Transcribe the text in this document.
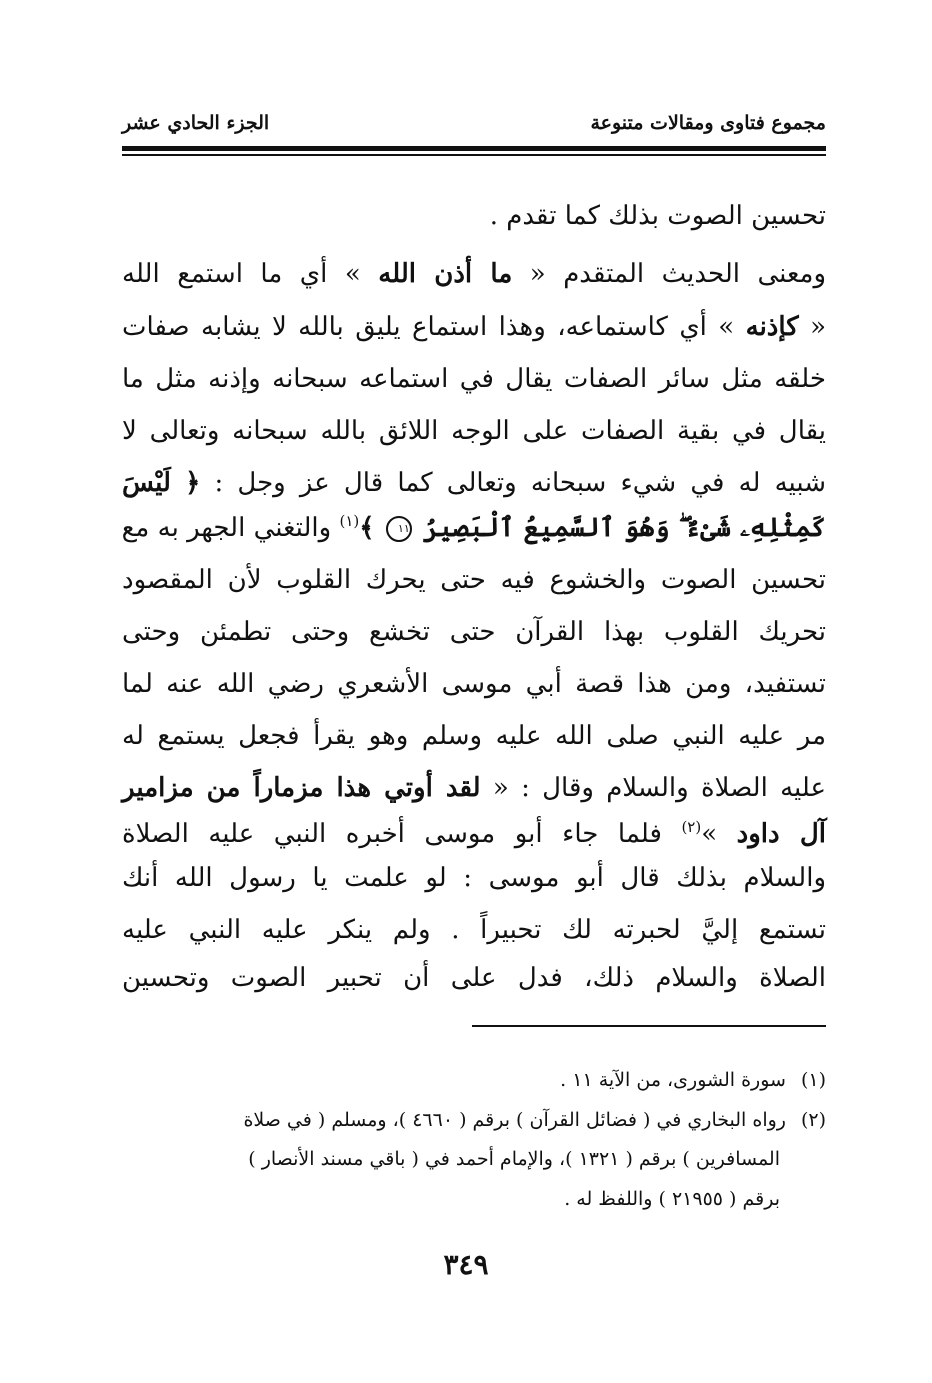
مجموع فتاوى ومقالات متنوعة
الجزء الحادي عشر
تحسين الصوت بذلك كما تقدم .
ومعنى الحديث المتقدم « ما أذن الله » أي ما استمع الله
« كإذنه » أي كاستماعه، وهذا استماع يليق بالله لا يشابه صفات
خلقه مثل سائر الصفات يقال في استماعه سبحانه وإذنه مثل ما
يقال في بقية الصفات على الوجه اللائق بالله سبحانه وتعالى لا
شبيه له في شيء سبحانه وتعالى كما قال عز وجل : ﴿ لَيْسَ
كَمِثْلِهِۦ شَىْءٌ ۖ وَهُوَ ٱلسَّمِيعُ ٱلْبَصِيرُ ١١ ﴾$^{(١)}$ والتغني الجهر به مع
تحسين الصوت والخشوع فيه حتى يحرك القلوب لأن المقصود
تحريك القلوب بهذا القرآن حتى تخشع وحتى تطمئن وحتى
تستفيد، ومن هذا قصة أبي موسى الأشعري رضي الله عنه لما
مر عليه النبي صلى الله عليه وسلم وهو يقرأ فجعل يستمع له
عليه الصلاة والسلام وقال : « لقد أوتي هذا مزماراً من مزامير
آل داود »$^{(٢)}$ فلما جاء أبو موسى أخبره النبي عليه الصلاة
والسلام بذلك قال أبو موسى : لو علمت يا رسول الله أنك
تستمع إليَّ لحبرته لك تحبيراً . ولم ينكر عليه النبي عليه
الصلاة والسلام ذلك، فدل على أن تحبير الصوت وتحسين
(١) سورة الشورى، من الآية ١١ .
(٢) رواه البخاري في ( فضائل القرآن ) برقم ( ٤٦٦٠ )، ومسلم ( في صلاة
المسافرين ) برقم ( ١٣٢١ )، والإمام أحمد في ( باقي مسند الأنصار )
برقم ( ٢١٩٥٥ ) واللفظ له .
٣٤٩
